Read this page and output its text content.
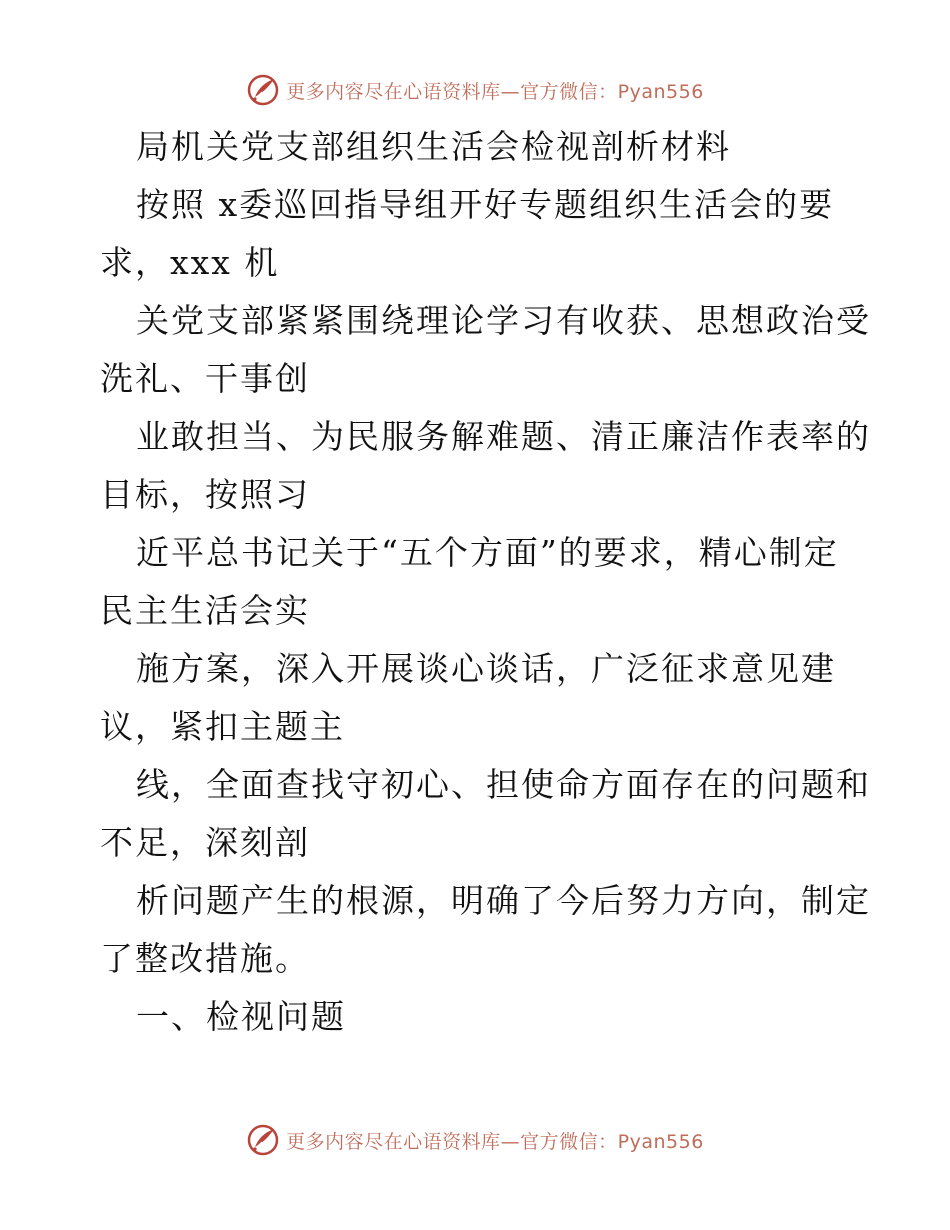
更多内容尽在心语资料库—官方微信：Pyan556
局机关党支部组织生活会检视剖析材料
按照 x委巡回指导组开好专题组织生活会的要
求，xxx 机
关党支部紧紧围绕理论学习有收获、思想政治受
洗礼、干事创
业敢担当、为民服务解难题、清正廉洁作表率的
目标，按照习
近平总书记关于“五个方面”的要求，精心制定
民主生活会实
施方案，深入开展谈心谈话，广泛征求意见建
议，紧扣主题主
线，全面查找守初心、担使命方面存在的问题和
不足，深刻剖
析问题产生的根源，明确了今后努力方向，制定
了整改措施。
一、检视问题
更多内容尽在心语资料库—官方微信：Pyan556
